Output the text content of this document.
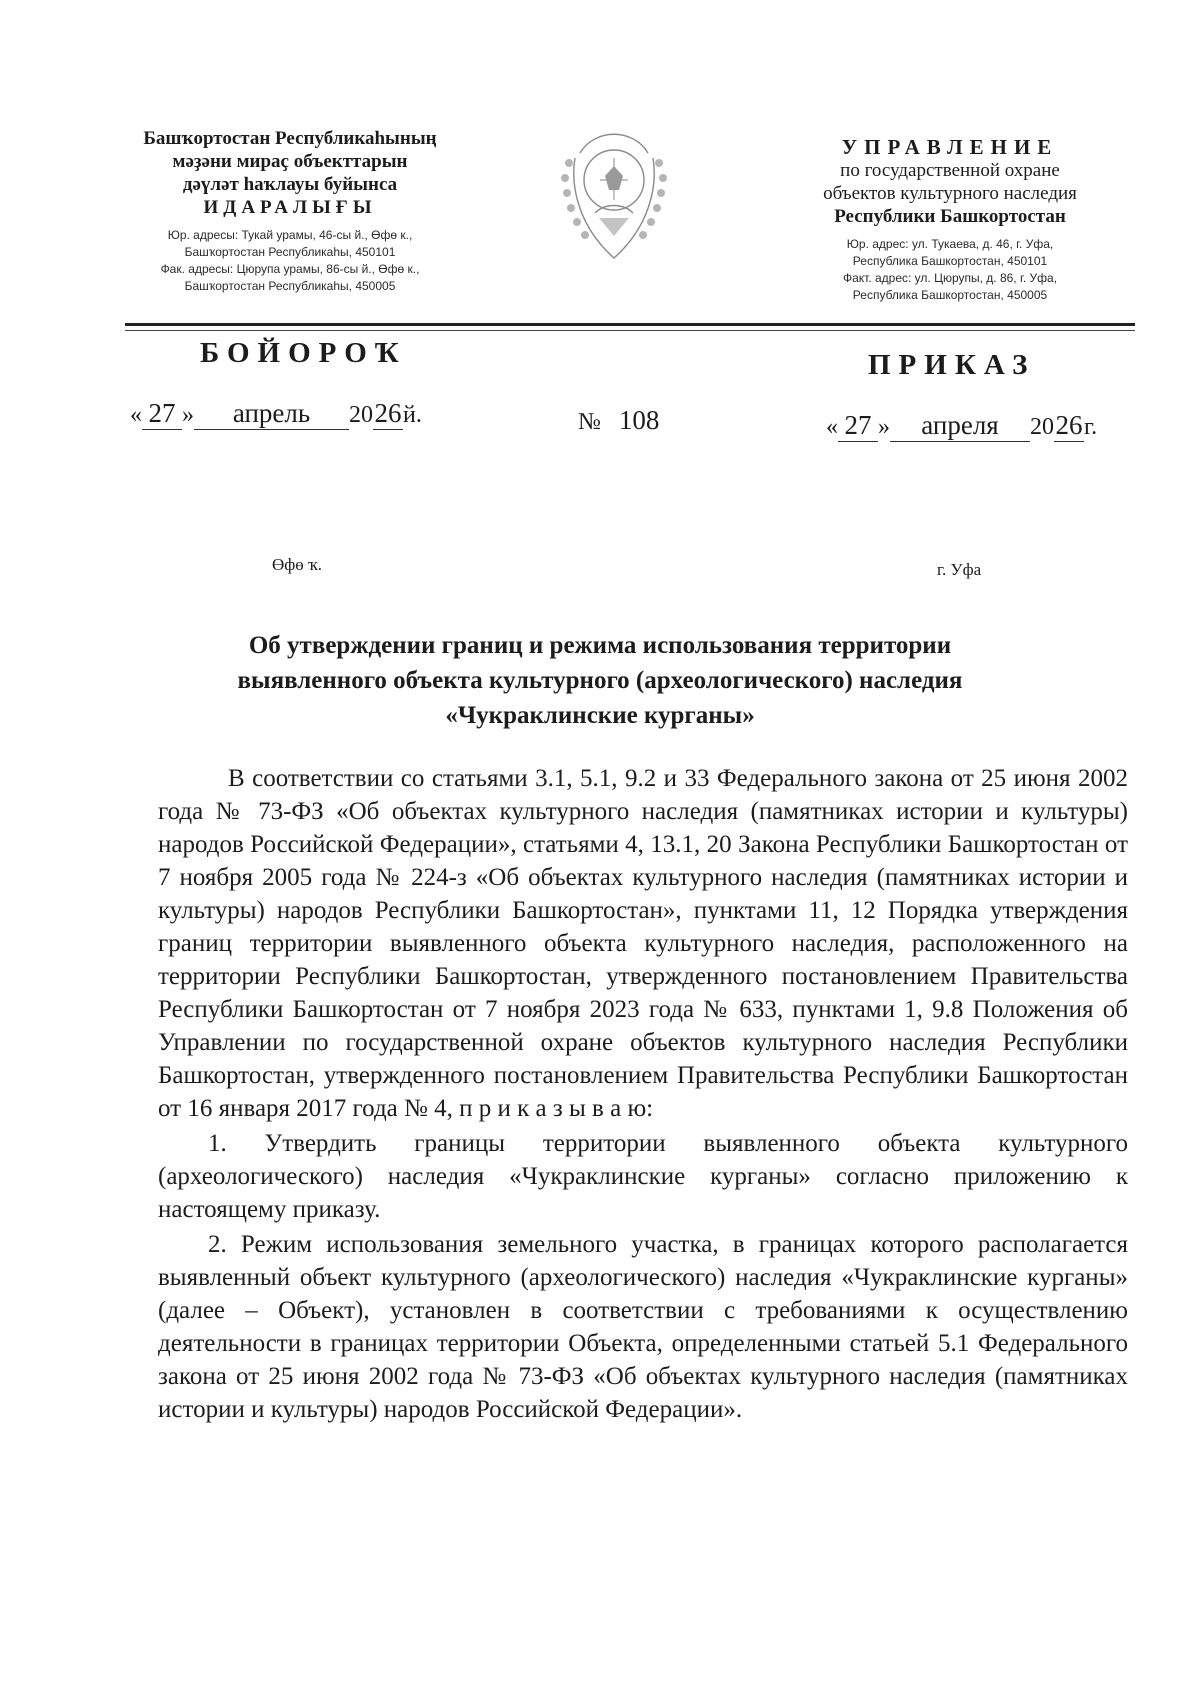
Башҡортостан Республикаһының
мәҙәни мираҫ объекттарын
дәүләт һаҡлауы буйынса
ИДАРАЛЫҒЫ
Юр. адресы: Тукай урамы, 46-сы й., Өфө к.,
Башҡортостан Республикаһы, 450101
Фак. адресы: Цюрупа урамы, 86-сы й., Өфө к.,
Башҡортостан Республикаһы, 450005
УПРАВЛЕНИЕ
по государственной охране
объектов культурного наследия
Республики Башкортостан
Юр. адрес: ул. Тукаева, д. 46, г. Уфа,
Республика Башкортостан, 450101
Факт. адрес: ул. Цюрупы, д. 86, г. Уфа,
Республика Башкортостан, 450005
БОЙОРОҠ	ПРИКАЗ
« 27 » апрель 2026й.	№ 108	« 27 » апреля 2026г.
Өфө ҡ.	г. Уфа
Об утверждении границ и режима использования территории
выявленного объекта культурного (археологического) наследия
«Чукраклинские курганы»

В соответствии со статьями 3.1, 5.1, 9.2 и 33 Федерального закона от 25 июня 2002 года № 73-ФЗ «Об объектах культурного наследия (памятниках истории и культуры) народов Российской Федерации», статьями 4, 13.1, 20 Закона Республики Башкортостан от 7 ноября 2005 года № 224-з «Об объектах культурного наследия (памятниках истории и культуры) народов Республики Башкортостан», пунктами 11, 12 Порядка утверждения границ территории выявленного объекта культурного наследия, расположенного на территории Республики Башкортостан, утвержденного постановлением Правительства Республики Башкортостан от 7 ноября 2023 года № 633, пунктами 1, 9.8 Положения об Управлении по государственной охране объектов культурного наследия Республики Башкортостан, утвержденного постановлением Правительства Республики Башкортостан от 16 января 2017 года № 4, п р и к а з ы в а ю:

1. Утвердить границы территории выявленного объекта культурного (археологического) наследия «Чукраклинские курганы» согласно приложению к настоящему приказу.

2. Режим использования земельного участка, в границах которого располагается выявленный объект культурного (археологического) наследия «Чукраклинские курганы» (далее – Объект), установлен в соответствии с требованиями к осуществлению деятельности в границах территории Объекта, определенными статьей 5.1 Федерального закона от 25 июня 2002 года № 73-ФЗ «Об объектах культурного наследия (памятниках истории и культуры) народов Российской Федерации».
